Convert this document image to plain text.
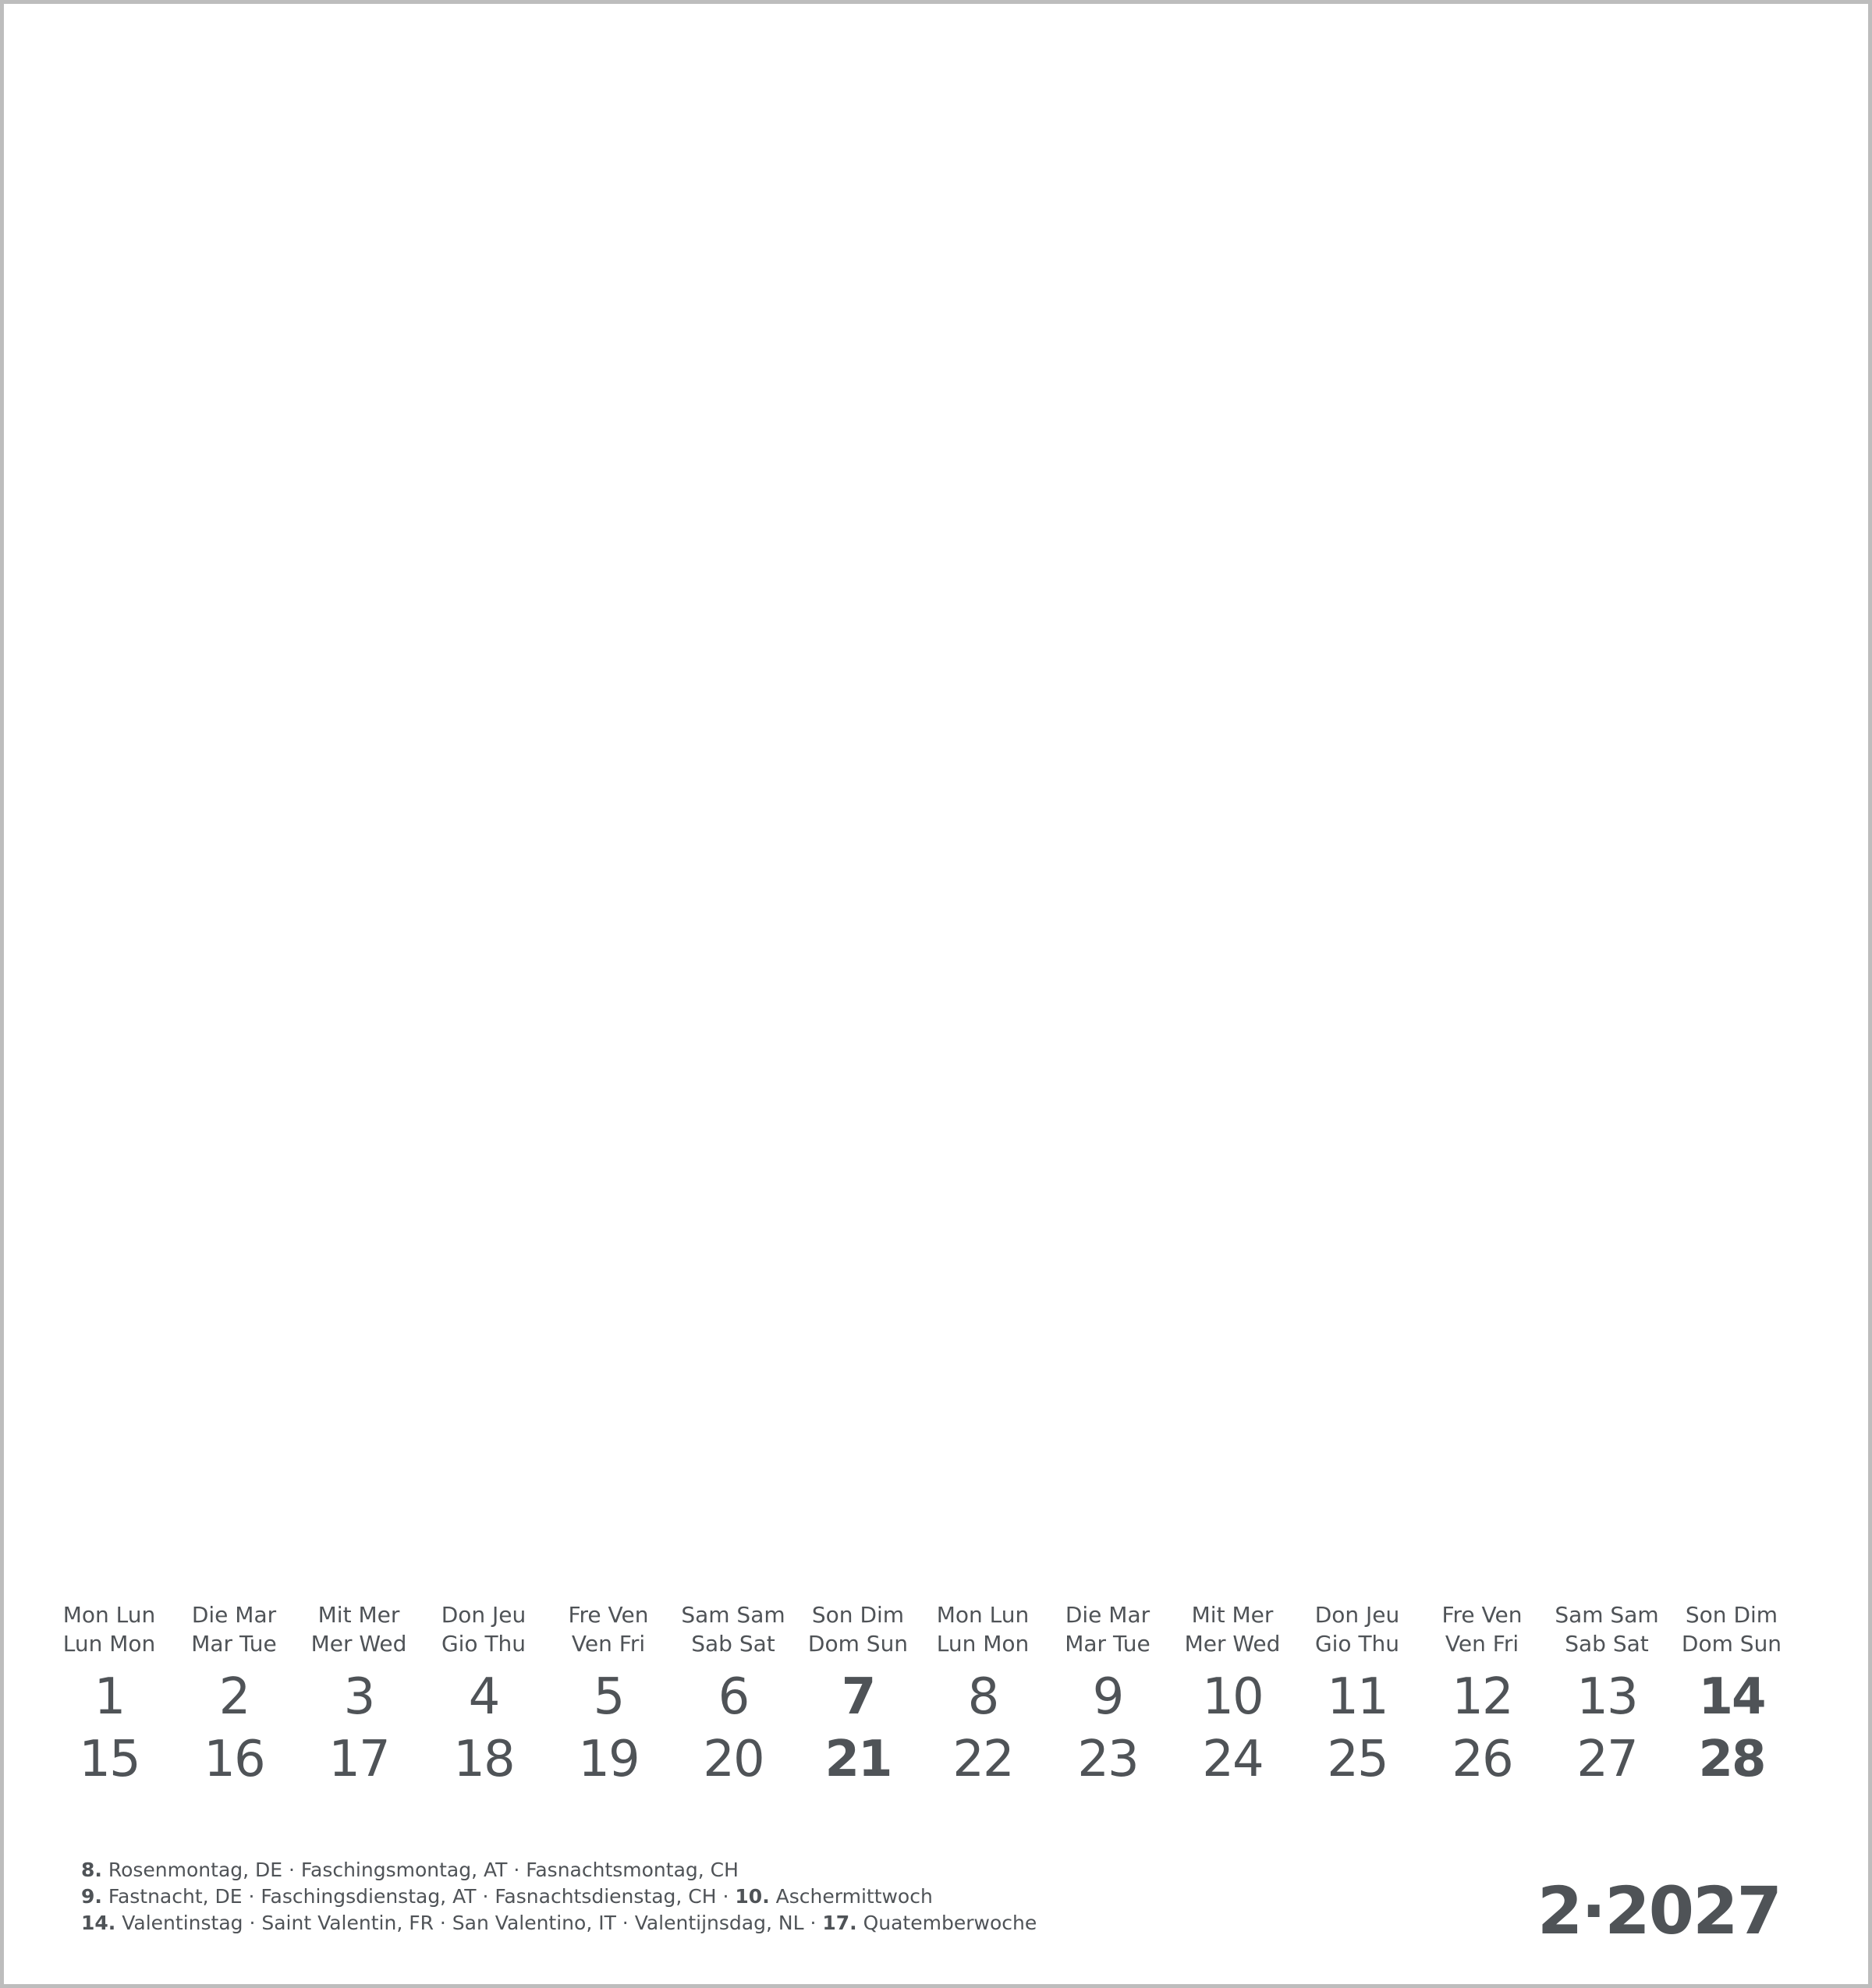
Mon Lun
Lun Mon
1
15
Die Mar
Mar Tue
2
16
Mit Mer
Mer Wed
3
17
Don Jeu
Gio Thu
4
18
Fre Ven
Ven Fri
5
19
Sam Sam
Sab Sat
6
20
Son Dim
Dom Sun
7
21
Mon Lun
Lun Mon
8
22
Die Mar
Mar Tue
9
23
Mit Mer
Mer Wed
10
24
Don Jeu
Gio Thu
11
25
Fre Ven
Ven Fri
12
26
Sam Sam
Sab Sat
13
27
Son Dim
Dom Sun
14
28
8. Rosenmontag, DE · Faschingsmontag, AT · Fasnachtsmontag, CH
9. Fastnacht, DE · Faschingsdienstag, AT · Fasnachtsdienstag, CH · 10. Aschermittwoch
14. Valentinstag · Saint Valentin, FR · San Valentino, IT · Valentijnsdag, NL · 17. Quatemberwoche	2·2027
